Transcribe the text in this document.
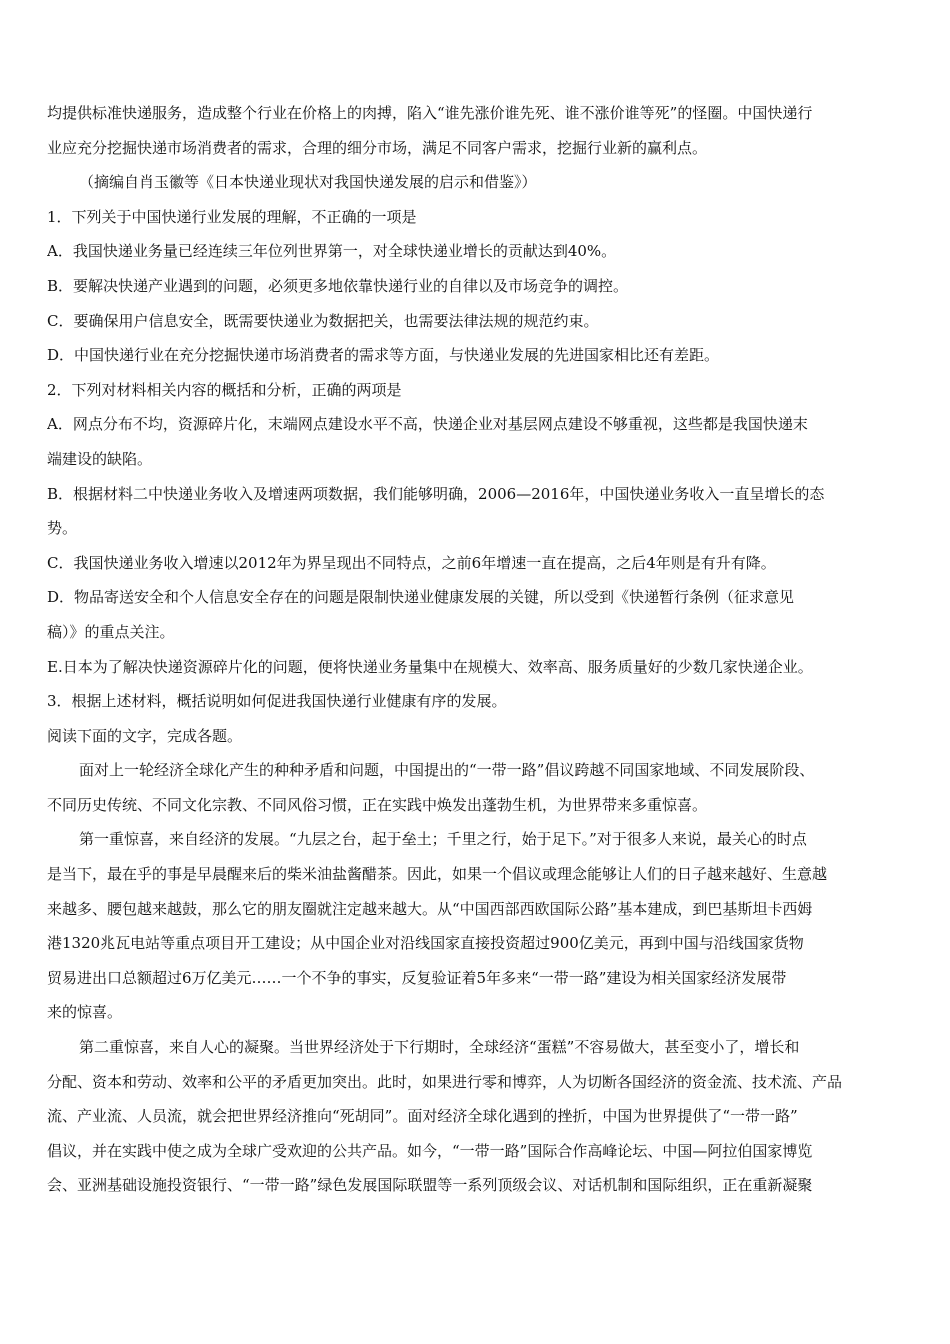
均提供标准快递服务，造成整个行业在价格上的肉搏，陷入“谁先涨价谁先死、谁不涨价谁等死”的怪圈。中国快递行
业应充分挖掘快递市场消费者的需求，合理的细分市场，满足不同客户需求，挖掘行业新的赢利点。
（摘编自肖玉徽等《日本快递业现状对我国快递发展的启示和借鉴》）
1．下列关于中国快递行业发展的理解，不正确的一项是
A．我国快递业务量已经连续三年位列世界第一，对全球快递业增长的贡献达到40%。
B．要解决快递产业遇到的问题，必须更多地依靠快递行业的自律以及市场竞争的调控。
C．要确保用户信息安全，既需要快递业为数据把关，也需要法律法规的规范约束。
D．中国快递行业在充分挖掘快递市场消费者的需求等方面，与快递业发展的先进国家相比还有差距。
2．下列对材料相关内容的概括和分析，正确的两项是
A．网点分布不均，资源碎片化，末端网点建设水平不高，快递企业对基层网点建设不够重视，这些都是我国快递末
端建设的缺陷。
B．根据材料二中快递业务收入及增速两项数据，我们能够明确，2006—2016年，中国快递业务收入一直呈增长的态
势。
C．我国快递业务收入增速以2012年为界呈现出不同特点，之前6年增速一直在提高，之后4年则是有升有降。
D．物品寄送安全和个人信息安全存在的问题是限制快递业健康发展的关键，所以受到《快递暂行条例（征求意见
稿）》的重点关注。
E.日本为了解决快递资源碎片化的问题，便将快递业务量集中在规模大、效率高、服务质量好的少数几家快递企业。
3．根据上述材料，概括说明如何促进我国快递行业健康有序的发展。
阅读下面的文字，完成各题。
面对上一轮经济全球化产生的种种矛盾和问题，中国提出的“一带一路”倡议跨越不同国家地域、不同发展阶段、
不同历史传统、不同文化宗教、不同风俗习惯，正在实践中焕发出蓬勃生机，为世界带来多重惊喜。
第一重惊喜，来自经济的发展。“九层之台，起于垒土；千里之行，始于足下。”对于很多人来说，最关心的时点
是当下，最在乎的事是早晨醒来后的柴米油盐酱醋茶。因此，如果一个倡议或理念能够让人们的日子越来越好、生意越
来越多、腰包越来越鼓，那么它的朋友圈就注定越来越大。从“中国西部西欧国际公路”基本建成，到巴基斯坦卡西姆
港1320兆瓦电站等重点项目开工建设；从中国企业对沿线国家直接投资超过900亿美元，再到中国与沿线国家货物
贸易进出口总额超过6万亿美元……一个不争的事实，反复验证着5年多来“一带一路”建设为相关国家经济发展带
来的惊喜。
第二重惊喜，来自人心的凝聚。当世界经济处于下行期时，全球经济“蛋糕”不容易做大，甚至变小了，增长和
分配、资本和劳动、效率和公平的矛盾更加突出。此时，如果进行零和博弈，人为切断各国经济的资金流、技术流、产品
流、产业流、人员流，就会把世界经济推向“死胡同”。面对经济全球化遇到的挫折，中国为世界提供了“一带一路”
倡议，并在实践中使之成为全球广受欢迎的公共产品。如今，“一带一路”国际合作高峰论坛、中国—阿拉伯国家博览
会、亚洲基础设施投资银行、“一带一路”绿色发展国际联盟等一系列顶级会议、对话机制和国际组织，正在重新凝聚
